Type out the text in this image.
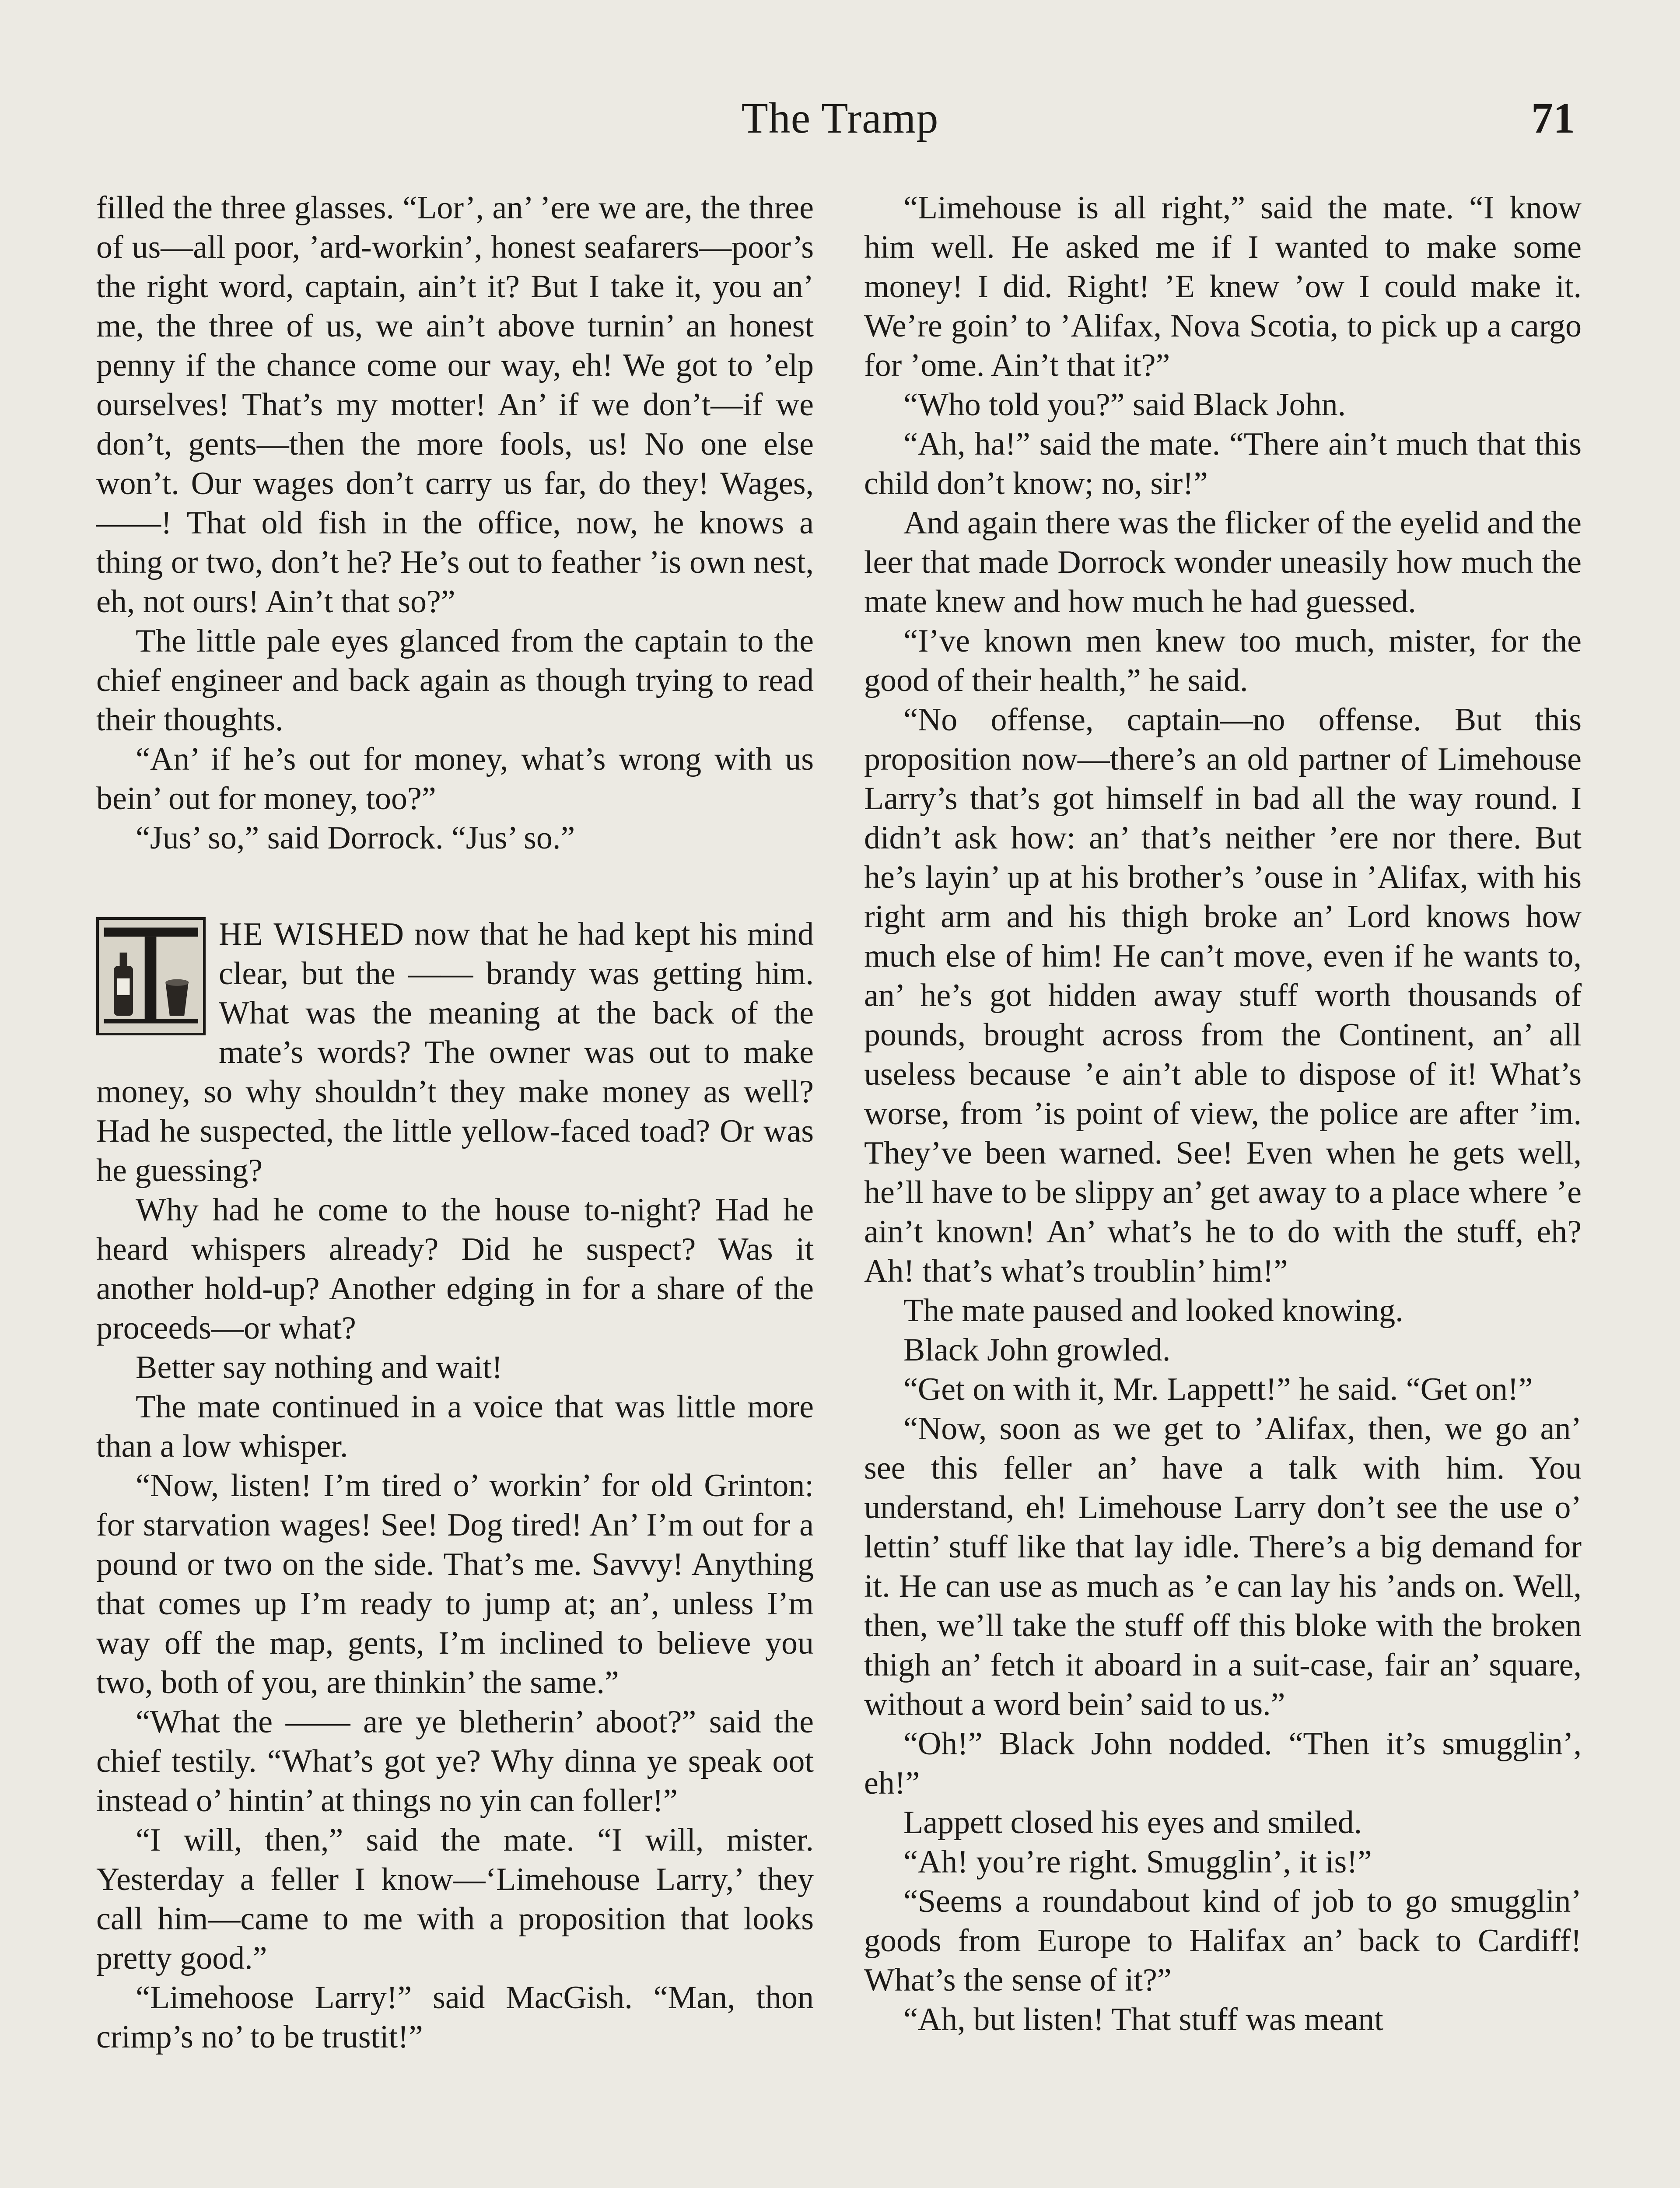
The Tramp	71

filled the three glasses. “Lor’, an’ ’ere we are, the three of us—all poor, ’ard-workin’, honest seafarers—poor’s the right word, captain, ain’t it? But I take it, you an’ me, the three of us, we ain’t above turnin’ an honest penny if the chance come our way, eh! We got to ’elp ourselves! That’s my motter! An’ if we don’t—if we don’t, gents—then the more fools, us! No one else won’t. Our wages don’t carry us far, do they! Wages, ——! That old fish in the office, now, he knows a thing or two, don’t he? He’s out to feather ’is own nest, eh, not ours! Ain’t that so?”

The little pale eyes glanced from the captain to the chief engineer and back again as though trying to read their thoughts.

“An’ if he’s out for money, what’s wrong with us bein’ out for money, too?”

“Jus’ so,” said Dorrock. “Jus’ so.”

HE WISHED now that he had kept his mind clear, but the —— brandy was getting him. What was the meaning at the back of the mate’s words? The owner was out to make money, so why shouldn’t they make money as well? Had he suspected, the little yellow-faced toad? Or was he guessing?

Why had he come to the house to-night? Had he heard whispers already? Did he suspect? Was it another hold-up? Another edging in for a share of the proceeds—or what?

Better say nothing and wait!

The mate continued in a voice that was little more than a low whisper.

“Now, listen! I’m tired o’ workin’ for old Grinton: for starvation wages! See! Dog tired! An’ I’m out for a pound or two on the side. That’s me. Savvy! Anything that comes up I’m ready to jump at; an’, unless I’m way off the map, gents, I’m inclined to believe you two, both of you, are thinkin’ the same.”

“What the —— are ye bletherin’ aboot?” said the chief testily. “What’s got ye? Why dinna ye speak oot instead o’ hintin’ at things no yin can foller!”

“I will, then,” said the mate. “I will, mister. Yesterday a feller I know—‘Limehouse Larry,’ they call him—came to me with a proposition that looks pretty good.”

“Limehoose Larry!” said MacGish. “Man, thon crimp’s no’ to be trustit!”

“Limehouse is all right,” said the mate. “I know him well. He asked me if I wanted to make some money! I did. Right! ’E knew ’ow I could make it. We’re goin’ to ’Alifax, Nova Scotia, to pick up a cargo for ’ome. Ain’t that it?”

“Who told you?” said Black John.

“Ah, ha!” said the mate. “There ain’t much that this child don’t know; no, sir!”

And again there was the flicker of the eyelid and the leer that made Dorrock wonder uneasily how much the mate knew and how much he had guessed.

“I’ve known men knew too much, mister, for the good of their health,” he said.

“No offense, captain—no offense. But this proposition now—there’s an old partner of Limehouse Larry’s that’s got himself in bad all the way round. I didn’t ask how: an’ that’s neither ’ere nor there. But he’s layin’ up at his brother’s ’ouse in ’Alifax, with his right arm and his thigh broke an’ Lord knows how much else of him! He can’t move, even if he wants to, an’ he’s got hidden away stuff worth thousands of pounds, brought across from the Continent, an’ all useless because ’e ain’t able to dispose of it! What’s worse, from ’is point of view, the police are after ’im. They’ve been warned. See! Even when he gets well, he’ll have to be slippy an’ get away to a place where ’e ain’t known! An’ what’s he to do with the stuff, eh? Ah! that’s what’s troublin’ him!”

The mate paused and looked knowing.

Black John growled.

“Get on with it, Mr. Lappett!” he said. “Get on!”

“Now, soon as we get to ’Alifax, then, we go an’ see this feller an’ have a talk with him. You understand, eh! Limehouse Larry don’t see the use o’ lettin’ stuff like that lay idle. There’s a big demand for it. He can use as much as ’e can lay his ’ands on. Well, then, we’ll take the stuff off this bloke with the broken thigh an’ fetch it aboard in a suit-case, fair an’ square, without a word bein’ said to us.”

“Oh!” Black John nodded. “Then it’s smugglin’, eh!”

Lappett closed his eyes and smiled.

“Ah! you’re right. Smugglin’, it is!”

“Seems a roundabout kind of job to go smugglin’ goods from Europe to Halifax an’ back to Cardiff! What’s the sense of it?”

“Ah, but listen! That stuff was meant
